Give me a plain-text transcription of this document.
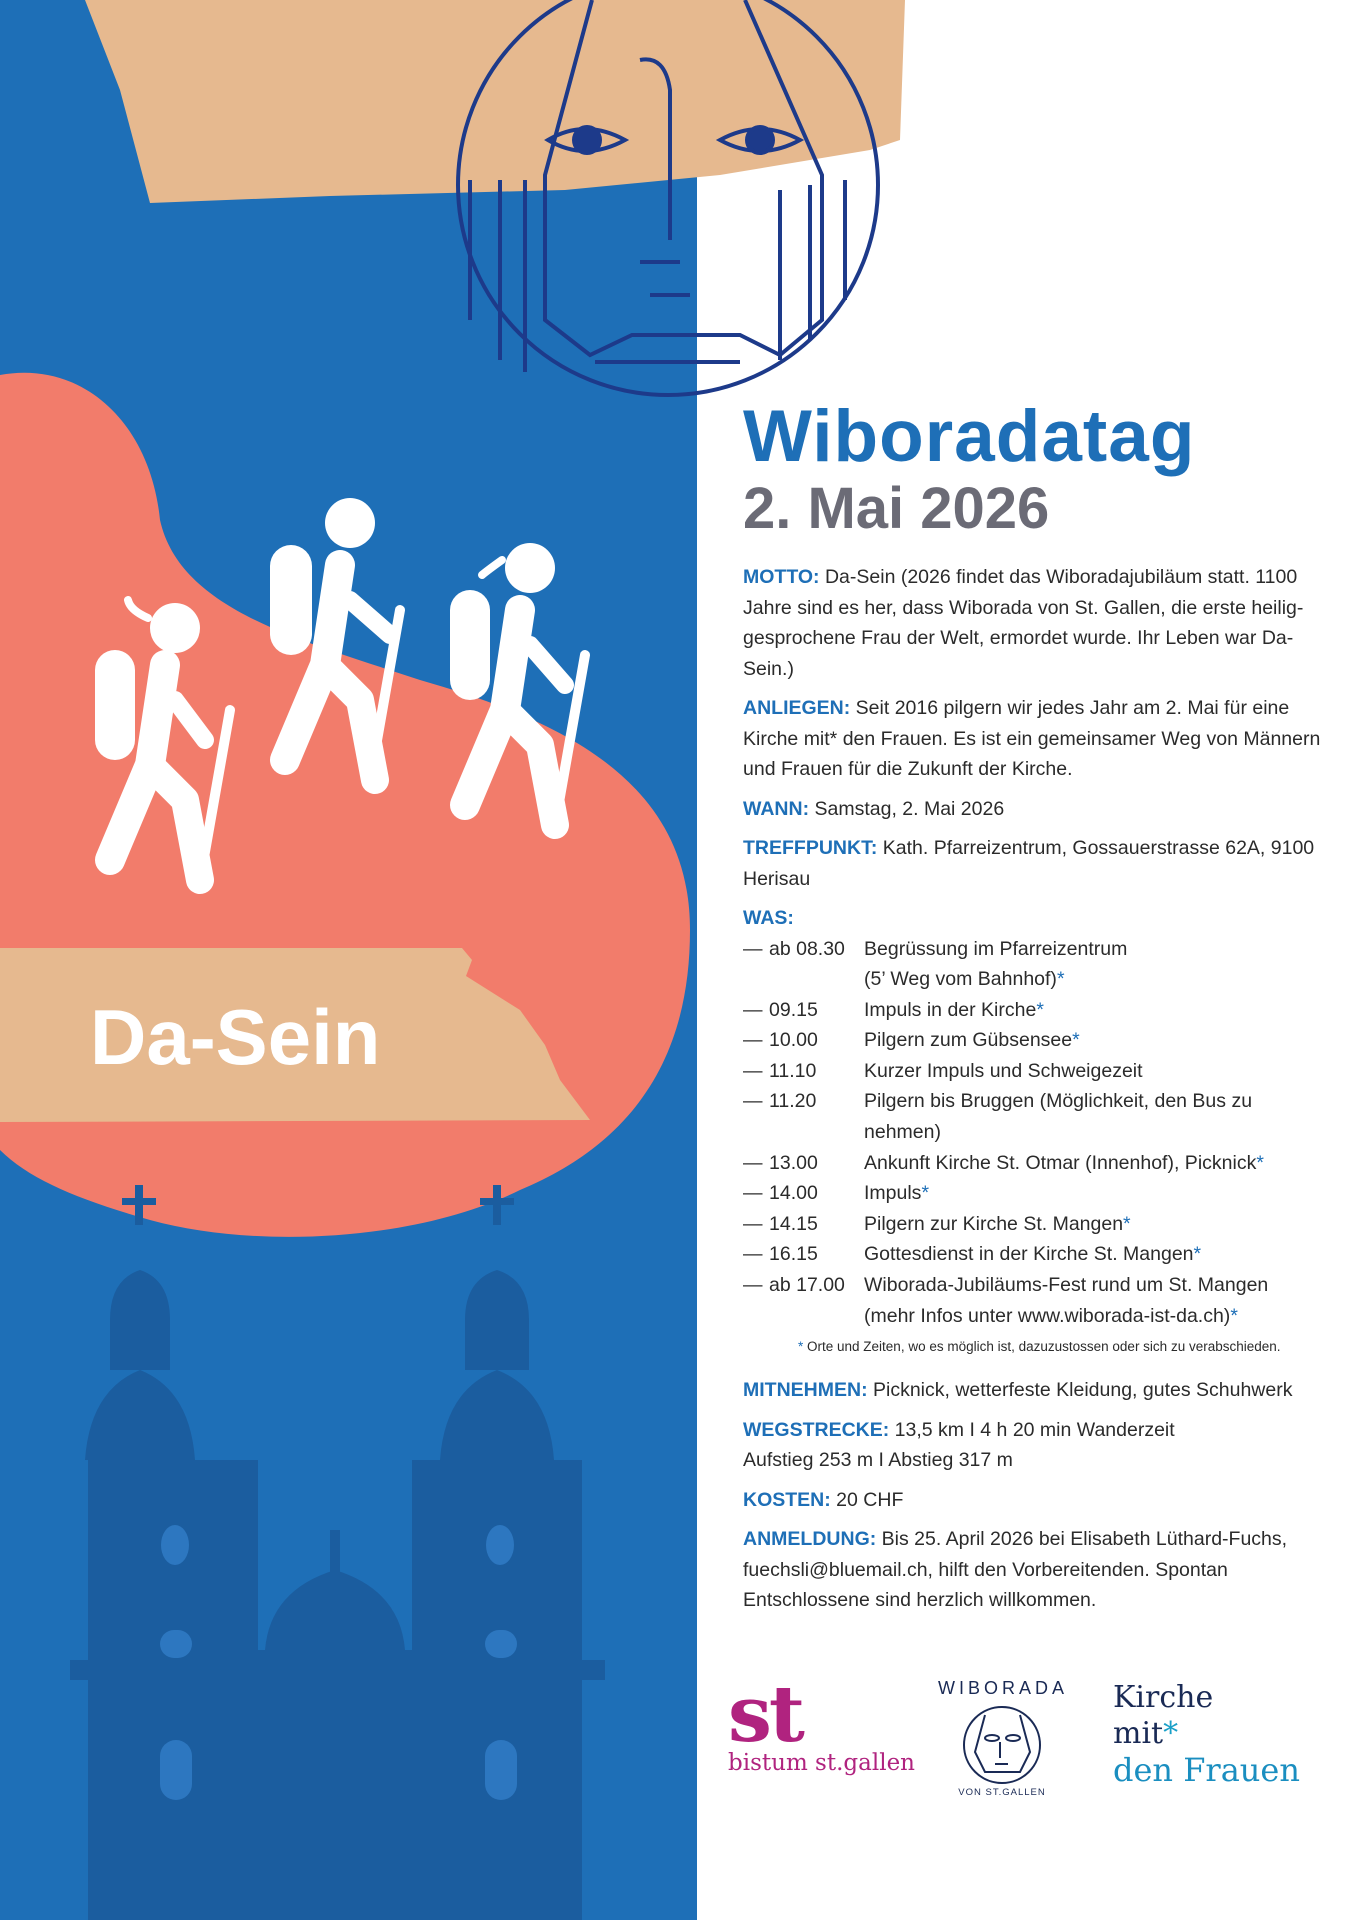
Wiboradatag
2. Mai 2026

MOTTO: Da-Sein (2026 findet das Wiboradajubiläum statt. 1100 Jahre sind es her, dass Wiborada von St. Gallen, die erste heilig-gesprochene Frau der Welt, ermordet wurde. Ihr Leben war Da-Sein.)

ANLIEGEN: Seit 2016 pilgern wir jedes Jahr am 2. Mai für eine Kirche mit* den Frauen. Es ist ein gemeinsamer Weg von Männern und Frauen für die Zukunft der Kirche.

WANN: Samstag, 2. Mai 2026

TREFFPUNKT: Kath. Pfarreizentrum, Gossauerstrasse 62A, 9100 Herisau

WAS:

— ab 08.30 Begrüssung im Pfarreizentrum
(5’ Weg vom Bahnhof)*
— 09.15	Impuls in der Kirche*
— 10.00	Pilgern zum Gübsensee*
— 11.10	Kurzer Impuls und Schweigezeit
— 11.20	Pilgern bis Bruggen (Möglichkeit, den Bus zu nehmen)
— 13.00	Ankunft Kirche St. Otmar (Innenhof), Picknick*
— 14.00	Impuls*
— 14.15	Pilgern zur Kirche St. Mangen*
— 16.15	Gottesdienst in der Kirche St. Mangen*
— ab 17.00 Wiborada-Jubiläums-Fest rund um St. Mangen
(mehr Infos unter www.wiborada-ist-da.ch)*
* Orte und Zeiten, wo es möglich ist, dazuzustossen oder sich zu verabschieden.

MITNEHMEN: Picknick, wetterfeste Kleidung, gutes Schuhwerk

WEGSTRECKE: 13,5 km I 4 h 20 min Wanderzeit
Aufstieg 253 m I Abstieg 317 m

KOSTEN: 20 CHF

ANMELDUNG: Bis 25. April 2026 bei Elisabeth Lüthard-Fuchs, fuechsli@bluemail.ch, hilft den Vorbereitenden. Spontan Entschlossene sind herzlich willkommen.

Da-Sein
st
bistum st.gallen
WIBORADA
VON ST.GALLEN
Kirche
mit*
den Frauen
